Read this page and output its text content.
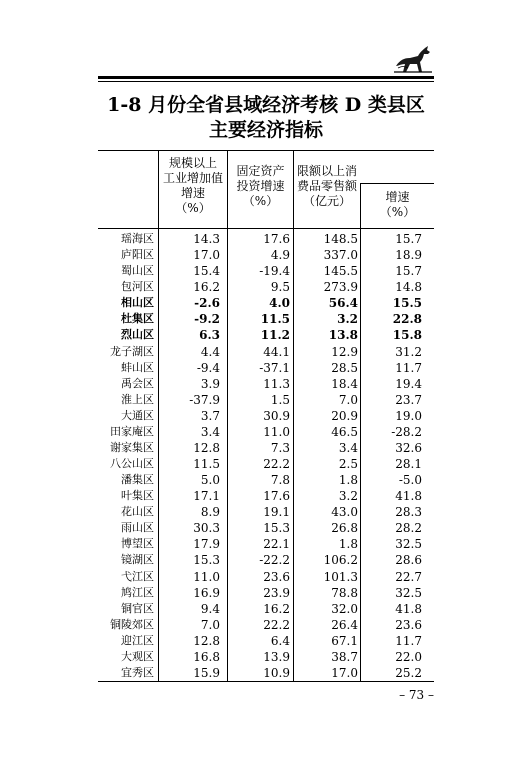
1-8 月份全省县域经济考核 D 类县区
主要经济指标
规模以上
工业增加值
增速
（%）
固定资产
投资增速
（%）
限额以上消
费品零售额
（亿元）	增速
（%）
瑶海区	14.3	17.6	148.5	15.7
庐阳区	17.0	4.9	337.0	18.9
蜀山区	15.4	-19.4	145.5	15.7
包河区	16.2	9.5	273.9	14.8
相山区	-2.6	4.0	56.4	15.5
杜集区	-9.2	11.5	3.2	22.8
烈山区	6.3	11.2	13.8	15.8
龙子湖区	4.4	44.1	12.9	31.2
蚌山区	-9.4	-37.1	28.5	11.7
禹会区	3.9	11.3	18.4	19.4
淮上区	-37.9	1.5	7.0	23.7
大通区	3.7	30.9	20.9	19.0
田家庵区	3.4	11.0	46.5	-28.2
谢家集区	12.8	7.3	3.4	32.6
八公山区	11.5	22.2	2.5	28.1
潘集区	5.0	7.8	1.8	-5.0
叶集区	17.1	17.6	3.2	41.8
花山区	8.9	19.1	43.0	28.3
雨山区	30.3	15.3	26.8	28.2
博望区	17.9	22.1	1.8	32.5
镜湖区	15.3	-22.2	106.2	28.6
弋江区	11.0	23.6	101.3	22.7
鸠江区	16.9	23.9	78.8	32.5
铜官区	9.4	16.2	32.0	41.8
铜陵郊区	7.0	22.2	26.4	23.6
迎江区	12.8	6.4	67.1	11.7
大观区	16.8	13.9	38.7	22.0
宜秀区	15.9	10.9	17.0	25.2
– 73 –
